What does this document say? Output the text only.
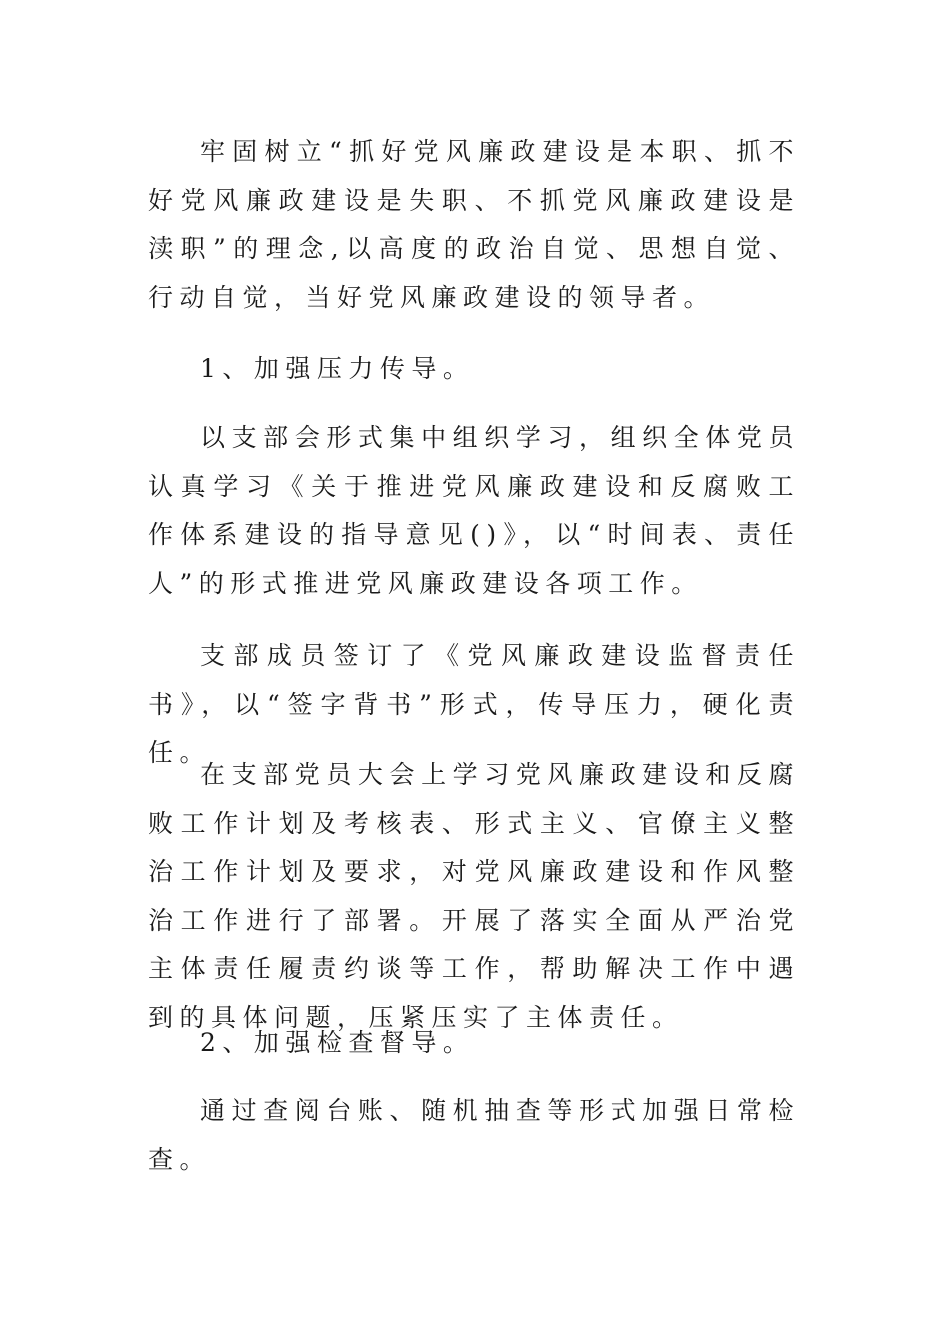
牢固树立“抓好党风廉政建设是本职、抓不好党风廉政建设是失职、不抓党风廉政建设是渎职”的理念,以高度的政治自觉、思想自觉、行动自觉，当好党风廉政建设的领导者。

1、加强压力传导。

以支部会形式集中组织学习，组织全体党员认真学习《关于推进党风廉政建设和反腐败工作体系建设的指导意见()》，以“时间表、责任人”的形式推进党风廉政建设各项工作。

支部成员签订了《党风廉政建设监督责任书》，以“签字背书”形式，传导压力，硬化责任。

在支部党员大会上学习党风廉政建设和反腐败工作计划及考核表、形式主义、官僚主义整治工作计划及要求，对党风廉政建设和作风整治工作进行了部署。开展了落实全面从严治党主体责任履责约谈等工作，帮助解决工作中遇到的具体问题，压紧压实了主体责任。

2、加强检查督导。

通过查阅台账、随机抽查等形式加强日常检查。
